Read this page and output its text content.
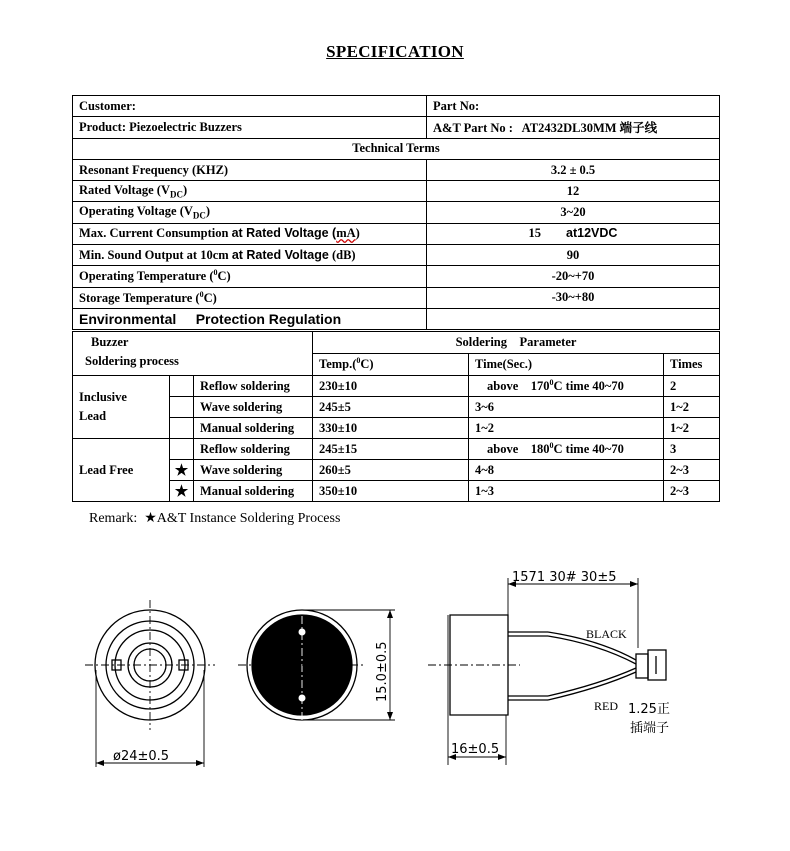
SPECIFICATION
Customer:	Part No:
Product: Piezoelectric Buzzers	A&T Part No :   AT2432DL30MM 端子线
Technical Terms	
Resonant Frequency (KHZ)	3.2 ± 0.5
Rated Voltage $(V_{DC})$	12
Operating Voltage $(V_{DC})$	3~20
Max. Current Consumption at Rated Voltage (mA)	15 at12VDC
Min. Sound Output at 10cm at Rated Voltage (dB)	90
Operating Temperature ($^0$C)	-20~+70
Storage Temperature ($^0$C)	-30~+80
Environmental     Protection Regulation	
Buzzer
Soldering process			Soldering    Parameter		
			Temp.($^0$C)	Time(Sec.)	Times

Inclusive
Lead		Reflow soldering	230±10	above    $170^0C$ time 40~70	2
		Wave soldering	245±5	3~6	1~2
		Manual soldering	330±10	1~2	1~2

Lead Free		Reflow soldering	245±15	above    $180^0C$ time 40~70	3
	★	Wave soldering	260±5	4~8	2~3
	★	Manual soldering	350±10	1~3	2~3
Remark:  ★A&T Instance Soldering Process
ø24±0.5
15.0±0.5
1571 30# 30±5
BLACK
RED 1.25正
插端子
16±0.5
